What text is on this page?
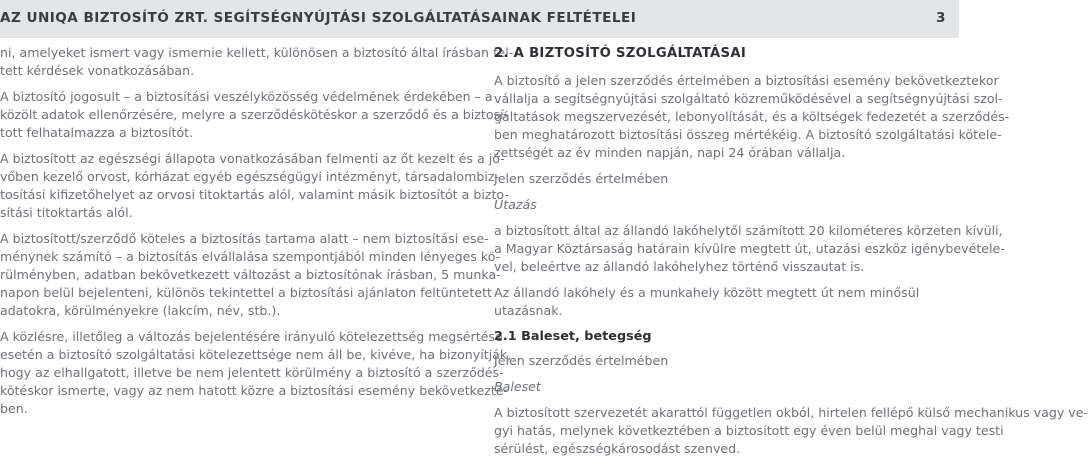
AZ UNIQA BIZTOSÍTÓ ZRT. SEGÍTSÉGNYÚJTÁSI SZOLGÁLTATÁSAINAK FELTÉTELEI	3

ni, amelyeket ismert vagy ismernie kellett, különösen a biztosító által írásban fel-
tett kérdések vonatkozásában.

A biztosító jogosult – a biztosítási veszélyközösség védelmének érdekében – a
közölt adatok ellenőrzésére, melyre a szerződéskötéskor a szerződő és a biztosí-
tott felhatalmazza a biztosítót.

A biztosított az egészségi állapota vonatkozásában felmenti az őt kezelt és a jö-
vőben kezelő orvost, kórházat egyéb egészségügyi intézményt, társadalombiz-
tosítási kifizetőhelyet az orvosi titoktartás alól, valamint másik biztosítót a bizto-
sítási titoktartás alól.

A biztosított/szerződő köteles a biztosítás tartama alatt – nem biztosítási ese-
ménynek számító – a biztosítás elvállalása szempontjából minden lényeges kö-
rülményben, adatban bekövetkezett változást a biztosítónak írásban, 5 munka-
napon belül bejelenteni, különös tekintettel a biztosítási ajánlaton feltüntetett
adatokra, körülményekre (lakcím, név, stb.).

A közlésre, illetőleg a változás bejelentésére irányuló kötelezettség megsértése
esetén a biztosító szolgáltatási kötelezettsége nem áll be, kivéve, ha bizonyítják,
hogy az elhallgatott, illetve be nem jelentett körülmény a biztosító a szerződés-
kötéskor ismerte, vagy az nem hatott közre a biztosítási esemény bekövetkezté-
ben.

2. A BIZTOSÍTÓ SZOLGÁLTATÁSAI

A biztosító a jelen szerződés értelmében a biztosítási esemény bekövetkeztekor
vállalja a segítségnyújtási szolgáltató közreműködésével a segítségnyújtási szol-
gáltatások megszervezését, lebonyolítását, és a költségek fedezetét a szerződés-
ben meghatározott biztosítási összeg mértékéig. A biztosító szolgáltatási kötele-
zettségét az év minden napján, napi 24 órában vállalja.

Jelen szerződés értelmében
Utazás

a biztosított által az állandó lakóhelytől számított 20 kilométeres körzeten kívüli,
a Magyar Köztársaság határain kívülre megtett út, utazási eszköz igénybevétele-
vel, beleértve az állandó lakóhelyhez történő visszautat is.

Az állandó lakóhely és a munkahely között megtett út nem minősül utazásnak.
2.1 Baleset, betegség
Jelen szerződés értelmében
Baleset

A biztosított szervezetét akarattól független okból, hirtelen fellépő külső mechanikus vagy ve-
gyi hatás, melynek következtében a biztosított egy éven belül meghal vagy testi
sérülést, egészségkárosodást szenved.
